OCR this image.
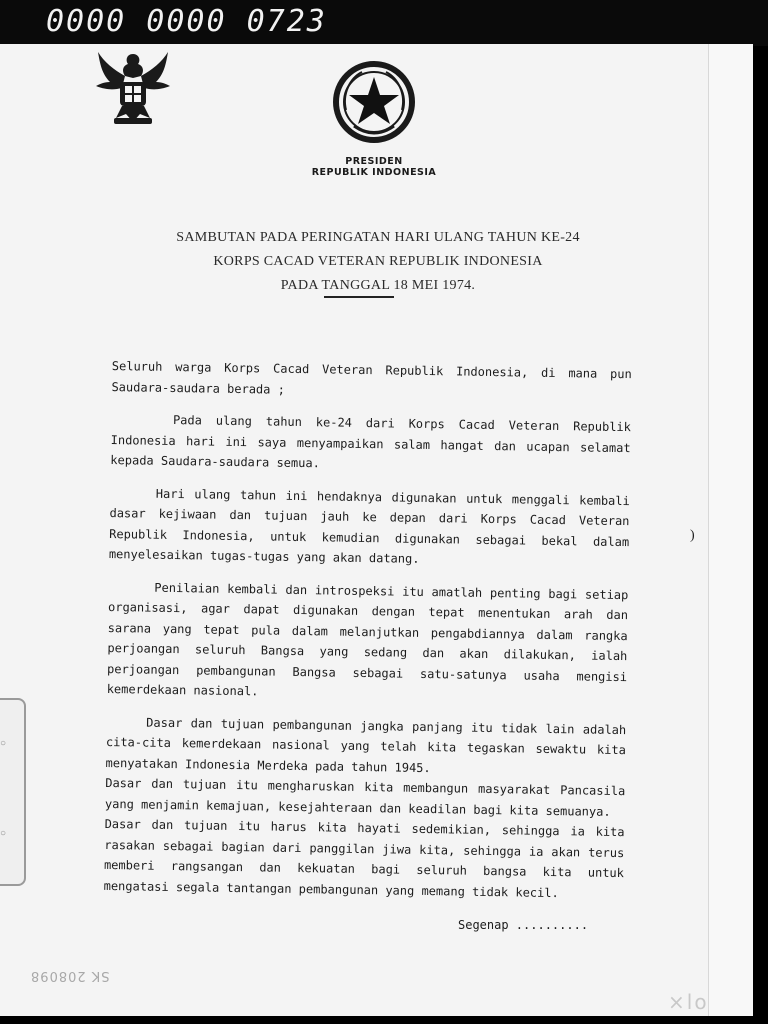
0000 0000 0723
○
○
PRESIDEN
REPUBLIK INDONESIA
SAMBUTAN PADA PERINGATAN HARI ULANG TAHUN KE-24
KORPS CACAD VETERAN REPUBLIK INDONESIA
PADA TANGGAL 18 MEI 1974.

Seluruh warga Korps Cacad Veteran Republik Indonesia, di mana pun Saudara-saudara berada ;

Pada ulang tahun ke-24 dari Korps Cacad Veteran Republik Indonesia hari ini saya menyampaikan salam hangat dan ucapan selamat kepada Saudara-saudara semua.

Hari ulang tahun ini hendaknya digunakan untuk menggali kembali dasar kejiwaan dan tujuan jauh ke depan dari Korps Cacad Veteran Republik Indonesia, untuk kemudian digunakan sebagai bekal dalam menyelesaikan tugas-tugas yang akan datang.

Penilaian kembali dan introspeksi itu amatlah penting bagi setiap organisasi, agar dapat digunakan dengan tepat menentukan arah dan sarana yang tepat pula dalam melanjutkan pengabdiannya dalam rangka perjoangan seluruh Bangsa yang sedang dan akan dilakukan, ialah perjoangan pembangunan Bangsa sebagai satu-satunya usaha mengisi kemerdekaan nasional.

Dasar dan tujuan pembangunan jangka panjang itu tidak lain adalah cita-cita kemerdekaan nasional yang telah kita tegaskan sewaktu kita menyatakan Indonesia Merdeka pada tahun 1945.

Dasar dan tujuan itu mengharuskan kita membangun masyarakat Pancasila yang menjamin kemajuan, kesejahteraan dan keadilan bagi kita semuanya.

Dasar dan tujuan itu harus kita hayati sedemikian, sehingga ia kita rasakan sebagai bagian dari panggilan jiwa kita, sehingga ia akan terus memberi rangsangan dan kekuatan bagi seluruh bangsa kita untuk mengatasi segala tantangan pembangunan yang memang tidak kecil.

)
Segenap ..........
SK 208098
×lo
